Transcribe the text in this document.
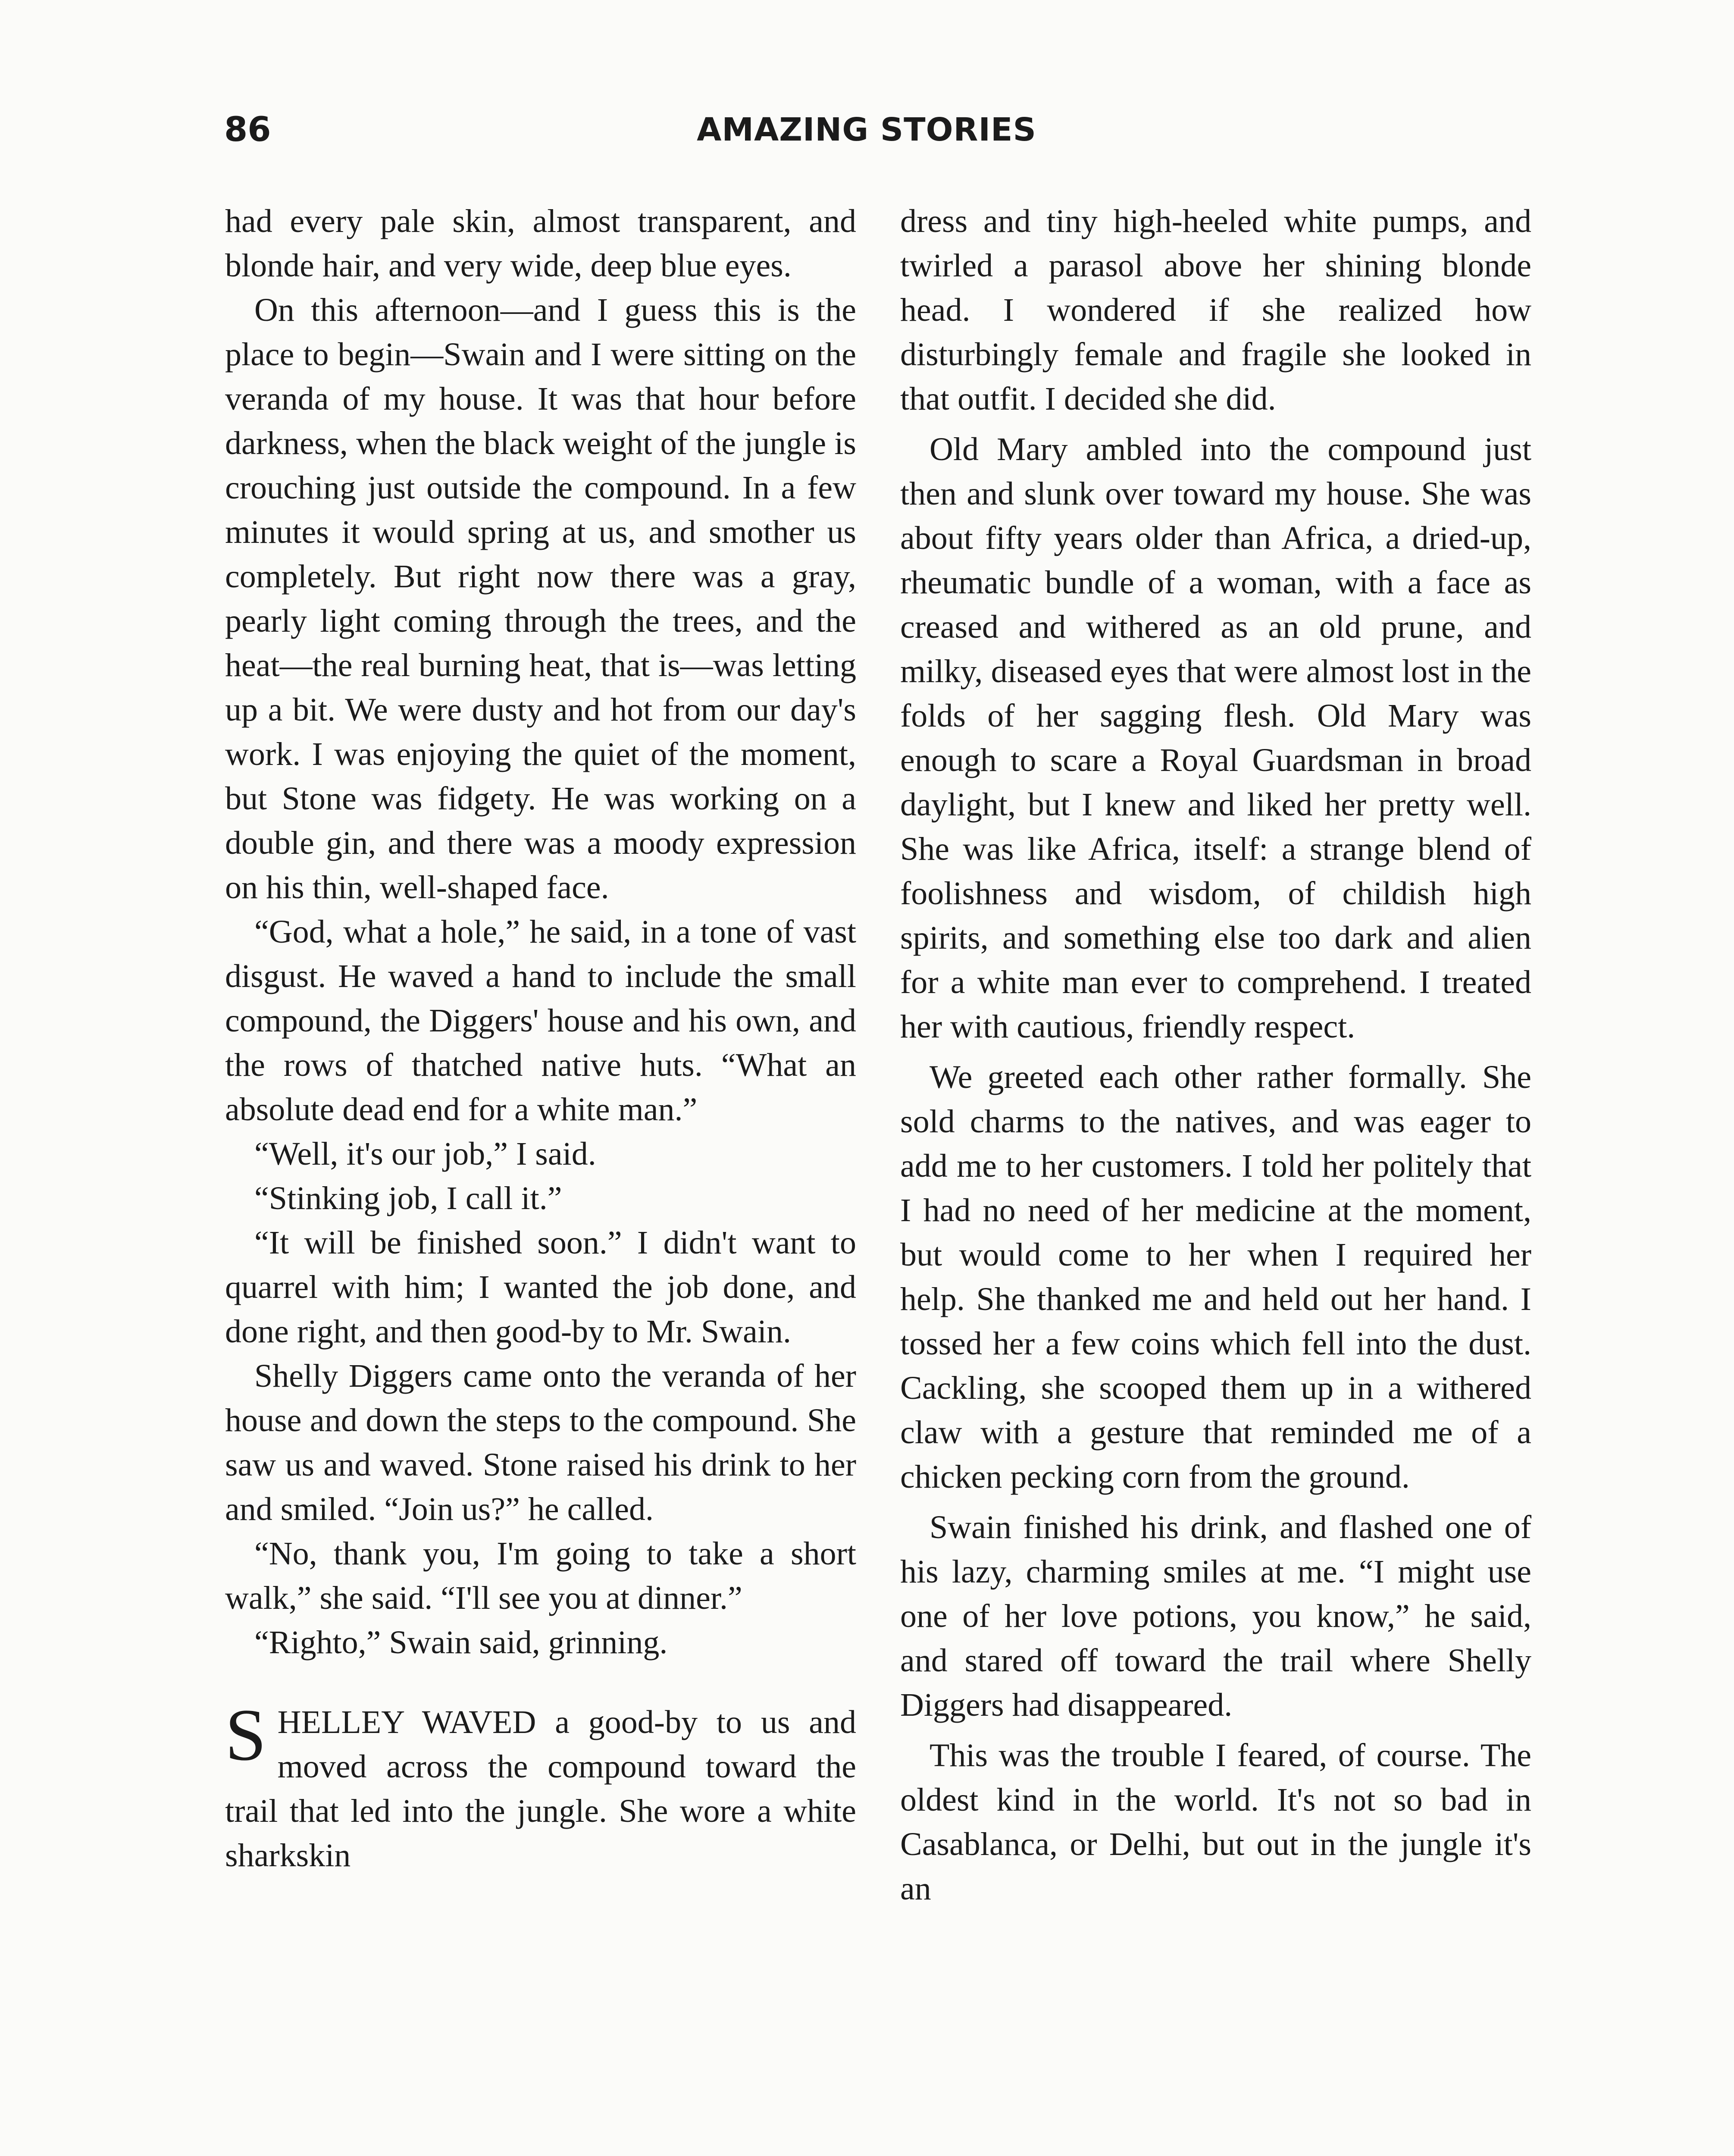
86	AMAZING STORIES

had every pale skin, almost transparent, and blonde hair, and very wide, deep blue eyes.

On this afternoon—and I guess this is the place to begin—Swain and I were sitting on the veranda of my house. It was that hour before darkness, when the black weight of the jungle is crouching just outside the compound. In a few minutes it would spring at us, and smother us completely. But right now there was a gray, pearly light coming through the trees, and the heat—the real burning heat, that is—was letting up a bit. We were dusty and hot from our day's work. I was enjoying the quiet of the moment, but Stone was fidgety. He was working on a double gin, and there was a moody expression on his thin, well-shaped face.

“God, what a hole,” he said, in a tone of vast disgust. He waved a hand to include the small compound, the Diggers' house and his own, and the rows of thatched native huts. “What an absolute dead end for a white man.”

“Well, it's our job,” I said.

“Stinking job, I call it.”

“It will be finished soon.” I didn't want to quarrel with him; I wanted the job done, and done right, and then good-by to Mr. Swain.

Shelly Diggers came onto the veranda of her house and down the steps to the compound. She saw us and waved. Stone raised his drink to her and smiled. “Join us?” he called.

“No, thank you, I'm going to take a short walk,” she said. “I'll see you at dinner.”

“Righto,” Swain said, grinning.

SHELLEY WAVED a good-by to us and moved across the compound toward the trail that led into the jungle. She wore a white sharkskin

dress and tiny high-heeled white pumps, and twirled a parasol above her shining blonde head. I wondered if she realized how disturbingly female and fragile she looked in that outfit. I decided she did.

Old Mary ambled into the compound just then and slunk over toward my house. She was about fifty years older than Africa, a dried-up, rheumatic bundle of a woman, with a face as creased and withered as an old prune, and milky, diseased eyes that were almost lost in the folds of her sagging flesh. Old Mary was enough to scare a Royal Guardsman in broad daylight, but I knew and liked her pretty well. She was like Africa, itself: a strange blend of foolishness and wisdom, of childish high spirits, and something else too dark and alien for a white man ever to comprehend. I treated her with cautious, friendly respect.

We greeted each other rather formally. She sold charms to the natives, and was eager to add me to her customers. I told her politely that I had no need of her medicine at the moment, but would come to her when I required her help. She thanked me and held out her hand. I tossed her a few coins which fell into the dust. Cackling, she scooped them up in a withered claw with a gesture that reminded me of a chicken pecking corn from the ground.

Swain finished his drink, and flashed one of his lazy, charming smiles at me. “I might use one of her love potions, you know,” he said, and stared off toward the trail where Shelly Diggers had disappeared.

This was the trouble I feared, of course. The oldest kind in the world. It's not so bad in Casablanca, or Delhi, but out in the jungle it's an
